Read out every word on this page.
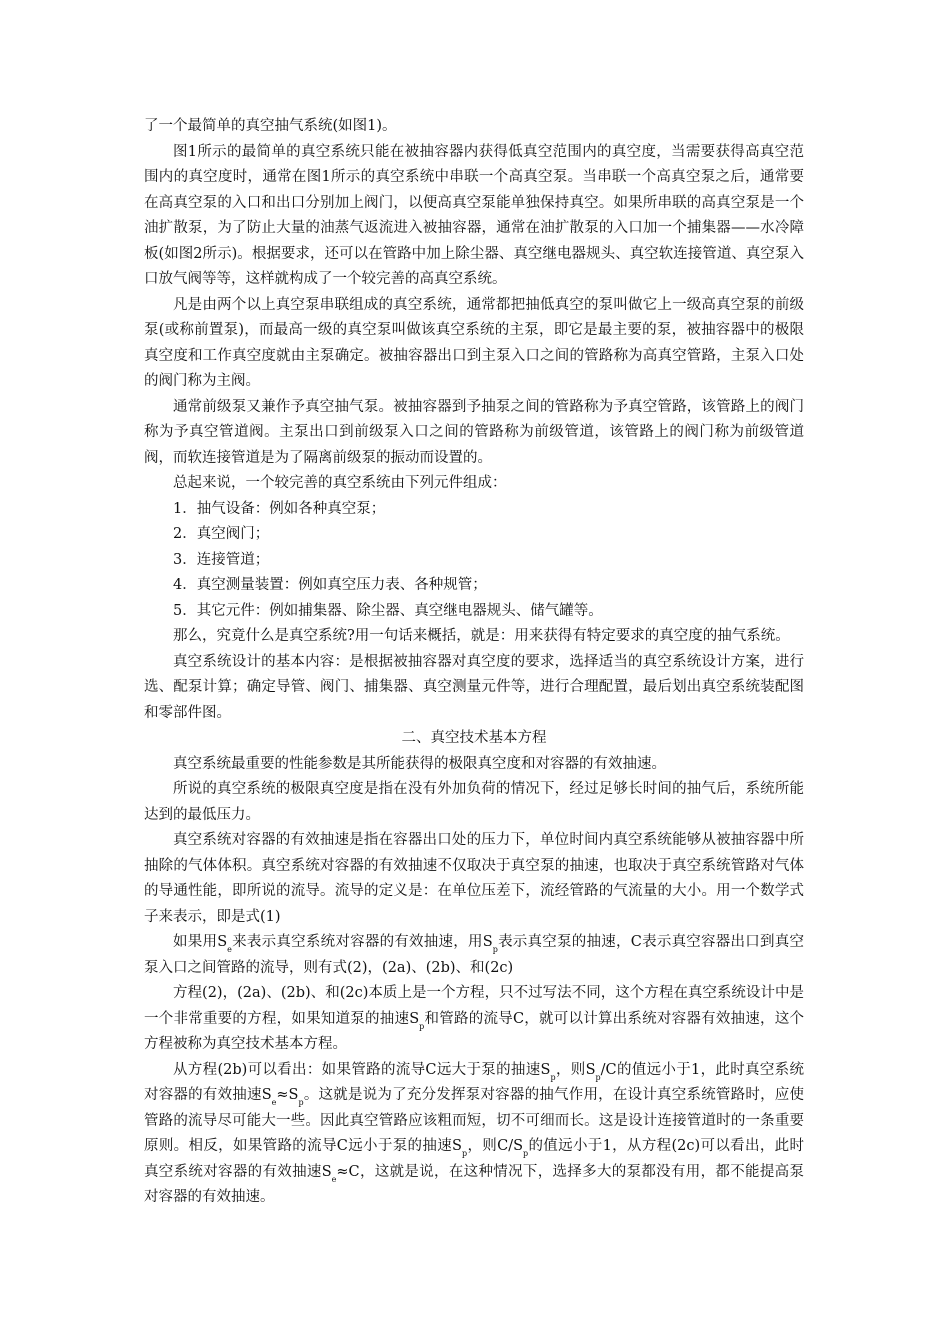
了一个最简单的真空抽气系统(如图1)。

图1所示的最简单的真空系统只能在被抽容器内获得低真空范围内的真空度，当需要获得高真空范围内的真空度时，通常在图1所示的真空系统中串联一个高真空泵。当串联一个高真空泵之后，通常要在高真空泵的入口和出口分别加上阀门，以便高真空泵能单独保持真空。如果所串联的高真空泵是一个油扩散泵，为了防止大量的油蒸气返流进入被抽容器，通常在油扩散泵的入口加一个捕集器——水冷障板(如图2所示)。根据要求，还可以在管路中加上除尘器、真空继电器规头、真空软连接管道、真空泵入口放气阀等等，这样就构成了一个较完善的高真空系统。

凡是由两个以上真空泵串联组成的真空系统，通常都把抽低真空的泵叫做它上一级高真空泵的前级泵(或称前置泵)，而最高一级的真空泵叫做该真空系统的主泵，即它是最主要的泵，被抽容器中的极限真空度和工作真空度就由主泵确定。被抽容器出口到主泵入口之间的管路称为高真空管路，主泵入口处的阀门称为主阀。

通常前级泵又兼作予真空抽气泵。被抽容器到予抽泵之间的管路称为予真空管路，该管路上的阀门称为予真空管道阀。主泵出口到前级泵入口之间的管路称为前级管道，该管路上的阀门称为前级管道阀，而软连接管道是为了隔离前级泵的振动而设置的。

总起来说，一个较完善的真空系统由下列元件组成：

1．抽气设备：例如各种真空泵；

2．真空阀门；

3．连接管道；

4．真空测量装置：例如真空压力表、各种规管；

5．其它元件：例如捕集器、除尘器、真空继电器规头、储气罐等。

那么，究竟什么是真空系统?用一句话来概括，就是：用来获得有特定要求的真空度的抽气系统。

真空系统设计的基本内容：是根据被抽容器对真空度的要求，选择适当的真空系统设计方案，进行选、配泵计算；确定导管、阀门、捕集器、真空测量元件等，进行合理配置，最后划出真空系统装配图和零部件图。

二、真空技术基本方程

真空系统最重要的性能参数是其所能获得的极限真空度和对容器的有效抽速。

所说的真空系统的极限真空度是指在没有外加负荷的情况下，经过足够长时间的抽气后，系统所能达到的最低压力。

真空系统对容器的有效抽速是指在容器出口处的压力下，单位时间内真空系统能够从被抽容器中所抽除的气体体积。真空系统对容器的有效抽速不仅取决于真空泵的抽速，也取决于真空系统管路对气体的导通性能，即所说的流导。流导的定义是：在单位压差下，流经管路的气流量的大小。用一个数学式子来表示，即是式(1)

如果用$S_e$来表示真空系统对容器的有效抽速，用$S_p$表示真空泵的抽速，C表示真空容器出口到真空泵入口之间管路的流导，则有式(2)，(2a)、(2b)、和(2c)

方程(2)，(2a)、(2b)、和(2c)本质上是一个方程，只不过写法不同，这个方程在真空系统设计中是一个非常重要的方程，如果知道泵的抽速$S_p$和管路的流导C，就可以计算出系统对容器有效抽速，这个方程被称为真空技术基本方程。

从方程(2b)可以看出：如果管路的流导C远大于泵的抽速$S_p$，则$S_p/C$的值远小于1，此时真空系统对容器的有效抽速$S_e\approx S_p$。这就是说为了充分发挥泵对容器的抽气作用，在设计真空系统管路时，应使管路的流导尽可能大一些。因此真空管路应该粗而短，切不可细而长。这是设计连接管道时的一条重要原则。相反，如果管路的流导C远小于泵的抽速$S_p$，则$C/S_p$的值远小于1，从方程(2c)可以看出，此时真空系统对容器的有效抽速$S_e\approx C$，这就是说，在这种情况下，选择多大的泵都没有用，都不能提高泵对容器的有效抽速。
